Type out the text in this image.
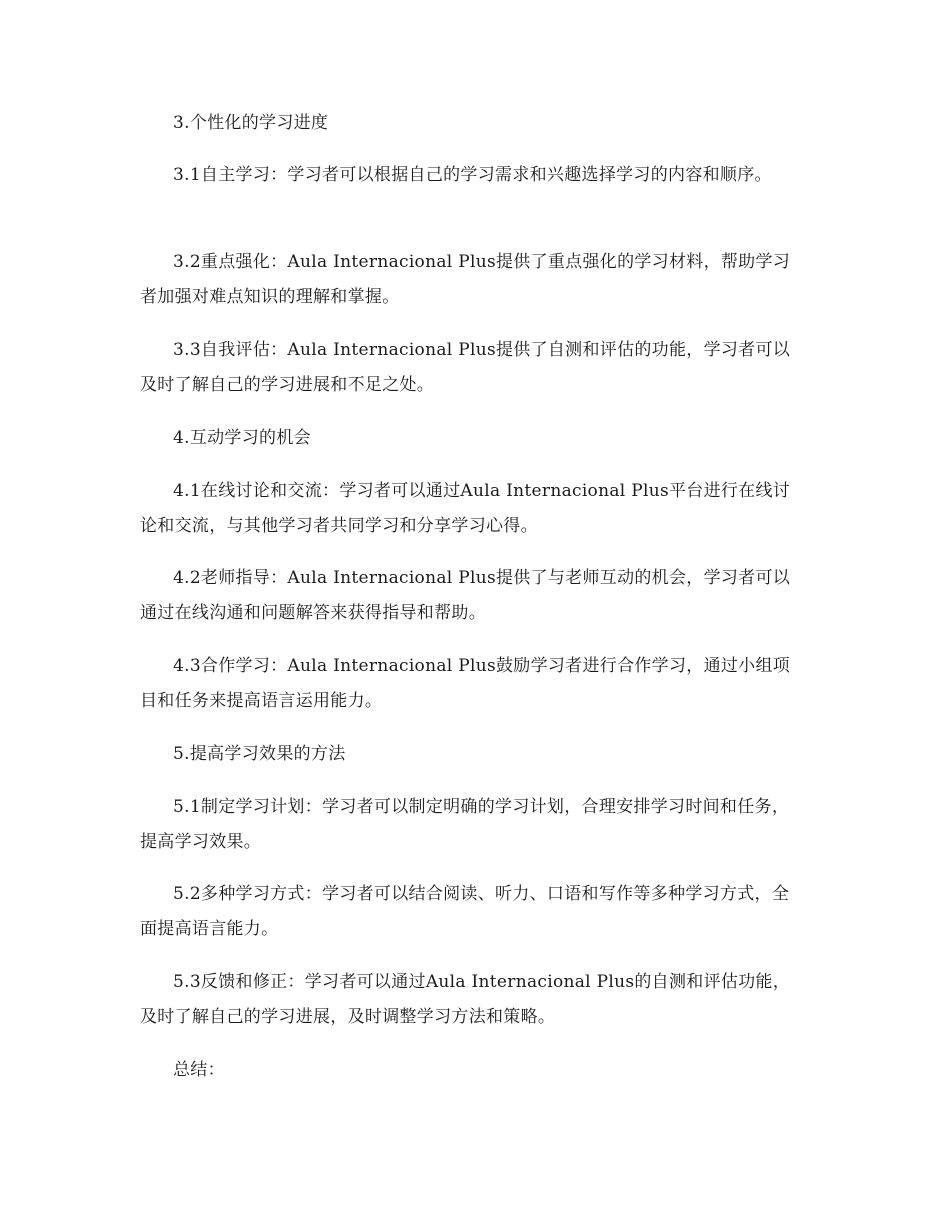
3.个性化的学习进度

3.1自主学习：学习者可以根据自己的学习需求和兴趣选择学习的内容和顺序。

3.2重点强化：Aula Internacional Plus提供了重点强化的学习材料，帮助学习者加强对难点知识的理解和掌握。

3.3自我评估：Aula Internacional Plus提供了自测和评估的功能，学习者可以及时了解自己的学习进展和不足之处。

4.互动学习的机会

4.1在线讨论和交流：学习者可以通过Aula Internacional Plus平台进行在线讨论和交流，与其他学习者共同学习和分享学习心得。

4.2老师指导：Aula Internacional Plus提供了与老师互动的机会，学习者可以通过在线沟通和问题解答来获得指导和帮助。

4.3合作学习：Aula Internacional Plus鼓励学习者进行合作学习，通过小组项目和任务来提高语言运用能力。

5.提高学习效果的方法

5.1制定学习计划：学习者可以制定明确的学习计划，合理安排学习时间和任务，提高学习效果。

5.2多种学习方式：学习者可以结合阅读、听力、口语和写作等多种学习方式，全面提高语言能力。

5.3反馈和修正：学习者可以通过Aula Internacional Plus的自测和评估功能，及时了解自己的学习进展，及时调整学习方法和策略。

总结：
